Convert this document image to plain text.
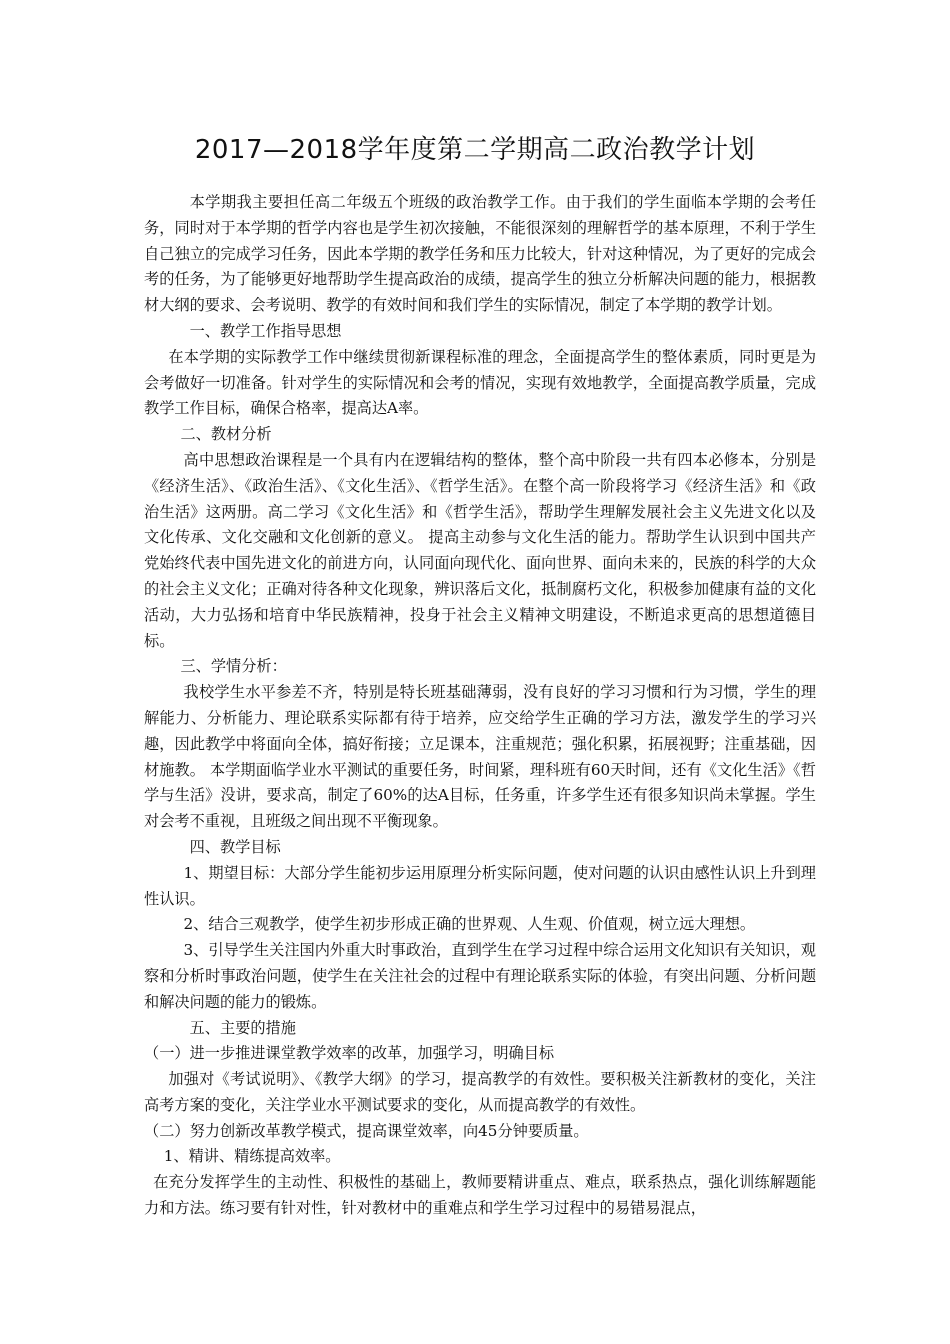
2017—2018学年度第二学期高二政治教学计划

本学期我主要担任高二年级五个班级的政治教学工作。由于我们的学生面临本学期的会考任务，同时对于本学期的哲学内容也是学生初次接触，不能很深刻的理解哲学的基本原理，不利于学生自己独立的完成学习任务，因此本学期的教学任务和压力比较大，针对这种情况，为了更好的完成会考的任务，为了能够更好地帮助学生提高政治的成绩，提高学生的独立分析解决问题的能力，根据教材大纲的要求、会考说明、教学的有效时间和我们学生的实际情况，制定了本学期的教学计划。

一、教学工作指导思想

在本学期的实际教学工作中继续贯彻新课程标准的理念，全面提高学生的整体素质，同时更是为会考做好一切准备。针对学生的实际情况和会考的情况，实现有效地教学，全面提高教学质量，完成教学工作目标，确保合格率，提高达A率。

二、教材分析

高中思想政治课程是一个具有内在逻辑结构的整体，整个高中阶段一共有四本必修本，分别是《经济生活》、《政治生活》、《文化生活》、《哲学生活》。在整个高一阶段将学习《经济生活》和《政治生活》这两册。高二学习《文化生活》和《哲学生活》，帮助学生理解发展社会主义先进文化以及文化传承、文化交融和文化创新的意义。 提高主动参与文化生活的能力。帮助学生认识到中国共产党始终代表中国先进文化的前进方向，认同面向现代化、面向世界、面向未来的，民族的科学的大众的社会主义文化；正确对待各种文化现象，辨识落后文化，抵制腐朽文化，积极参加健康有益的文化活动，大力弘扬和培育中华民族精神，投身于社会主义精神文明建设，不断追求更高的思想道德目标。

三、学情分析：

我校学生水平参差不齐，特别是特长班基础薄弱，没有良好的学习习惯和行为习惯，学生的理解能力、分析能力、理论联系实际都有待于培养，应交给学生正确的学习方法，激发学生的学习兴趣，因此教学中将面向全体，搞好衔接；立足课本，注重规范；强化积累，拓展视野；注重基础，因材施教。 本学期面临学业水平测试的重要任务，时间紧，理科班有60天时间，还有《文化生活》《哲学与生活》没讲，要求高，制定了60%的达A目标，任务重，许多学生还有很多知识尚未掌握。学生对会考不重视，且班级之间出现不平衡现象。

四、教学目标

1、期望目标：大部分学生能初步运用原理分析实际问题，使对问题的认识由感性认识上升到理性认识。

2、结合三观教学，使学生初步形成正确的世界观、人生观、价值观，树立远大理想。

3、引导学生关注国内外重大时事政治，直到学生在学习过程中综合运用文化知识有关知识，观察和分析时事政治问题，使学生在关注社会的过程中有理论联系实际的体验，有突出问题、分析问题和解决问题的能力的锻炼。

五、主要的措施

（一）进一步推进课堂教学效率的改革，加强学习，明确目标

加强对《考试说明》、《教学大纲》的学习，提高教学的有效性。要积极关注新教材的变化，关注高考方案的变化，关注学业水平测试要求的变化，从而提高教学的有效性。

（二）努力创新改革教学模式，提高课堂效率，向45分钟要质量。

1、精讲、精练提高效率。

在充分发挥学生的主动性、积极性的基础上，教师要精讲重点、难点，联系热点，强化训练解题能力和方法。练习要有针对性，针对教材中的重难点和学生学习过程中的易错易混点，
